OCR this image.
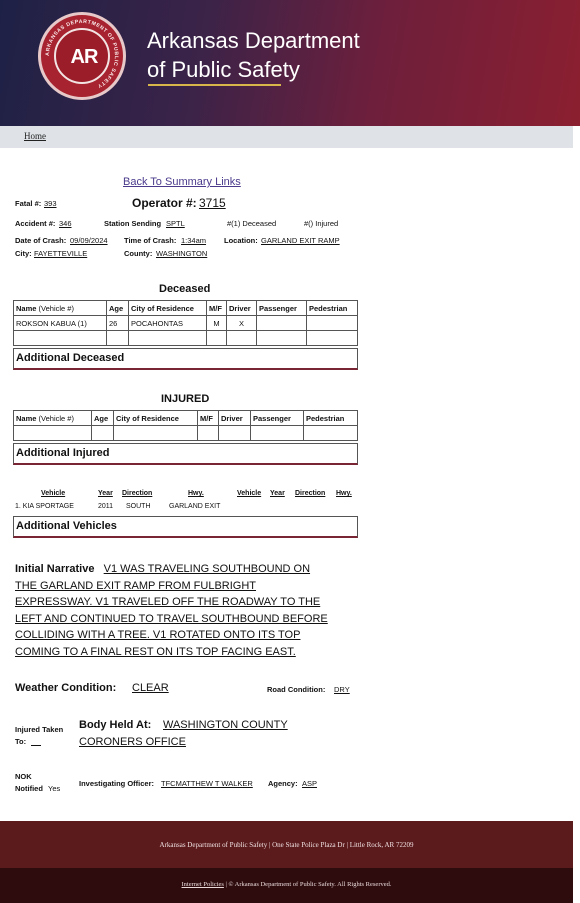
ARKANSAS DEPARTMENT OF PUBLIC SAFETY
AR
Arkansas Department
of Public Safety
Home
Back To Summary Links
Fatal #: 393	Operator #: 3715
Accident #: 346	Station Sending SPTL	#(1) Deceased	#() Injured
Date of Crash: 09/09/2024 Time of Crash: 1:34am Location: GARLAND EXIT RAMP
City: FAYETTEVILLE	County: WASHINGTON
Deceased
Name (Vehicle #)	Age	City of Residence	M/F	Driver	Passenger	Pedestrian
ROKSON KABUA (1)	26	POCAHONTAS	M	X		

Additional Deceased
INJURED
Name (Vehicle #)	Age	City of Residence	M/F	Driver	Passenger	Pedestrian

Additional Injured
Vehicle	Year Direction	Hwy.	Vehicle Year Direction Hwy.
1. KIA SPORTAGE	2011 SOUTH	GARLAND EXIT
Additional Vehicles
Initial Narrative V1 WAS TRAVELING SOUTHBOUND ON
THE GARLAND EXIT RAMP FROM FULBRIGHT
EXPRESSWAY. V1 TRAVELED OFF THE ROADWAY TO THE
LEFT AND CONTINUED TO TRAVEL SOUTHBOUND BEFORE
COLLIDING WITH A TREE. V1 ROTATED ONTO ITS TOP
COMING TO A FINAL REST ON ITS TOP FACING EAST.
Weather Condition: CLEAR	Road Condition: DRY
Injured Taken
To:
Body Held At: WASHINGTON COUNTY
CORONERS OFFICE
NOK
Notified Yes
Investigating Officer: TFCMATTHEW T WALKER Agency: ASP
Arkansas Department of Public Safety | One State Police Plaza Dr | Little Rock, AR 72209
Internet Policies | © Arkansas Department of Public Safety. All Rights Reserved.
